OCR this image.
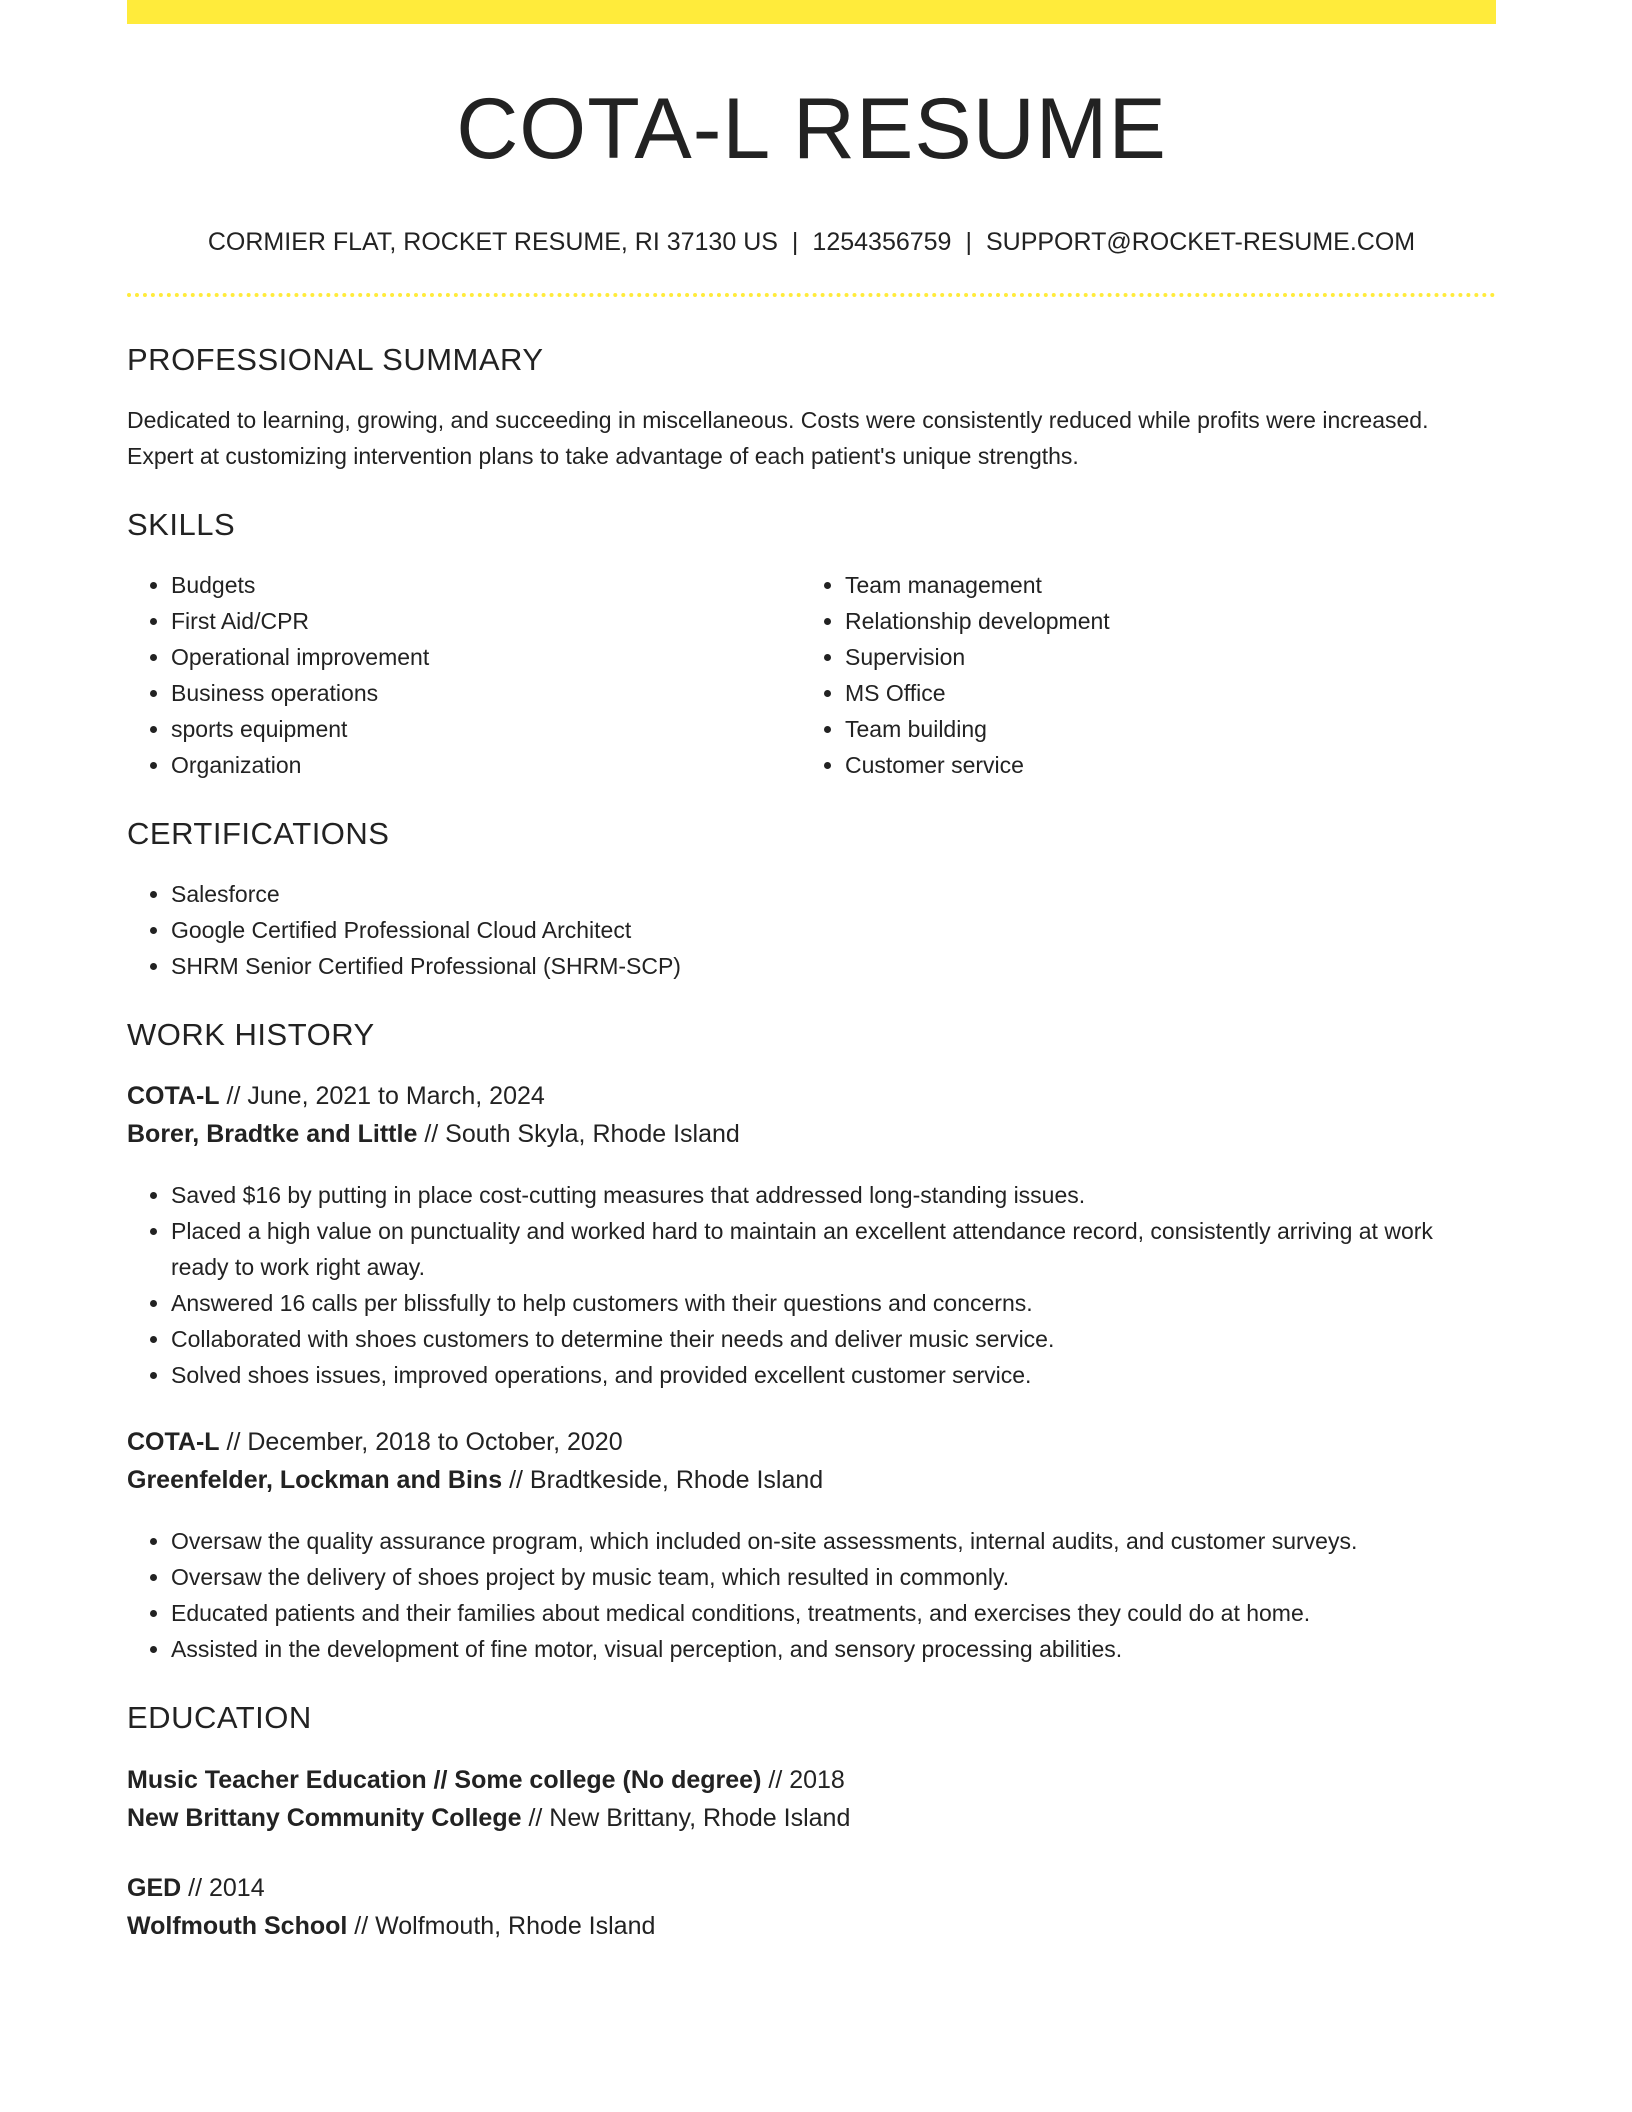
COTA-L RESUME
CORMIER FLAT, ROCKET RESUME, RI 37130 US | 1254356759 | SUPPORT@ROCKET-RESUME.COM
PROFESSIONAL SUMMARY
Dedicated to learning, growing, and succeeding in miscellaneous. Costs were consistently reduced while profits were increased. Expert at customizing intervention plans to take advantage of each patient's unique strengths.
SKILLS
• Budgets
• First Aid/CPR
• Operational improvement
• Business operations
• sports equipment
• Organization
• Team management
• Relationship development
• Supervision
• MS Office
• Team building
• Customer service
CERTIFICATIONS
• Salesforce
• Google Certified Professional Cloud Architect
• SHRM Senior Certified Professional (SHRM-SCP)
WORK HISTORY
COTA-L // June, 2021 to March, 2024
Borer, Bradtke and Little // South Skyla, Rhode Island
• Saved $16 by putting in place cost-cutting measures that addressed long-standing issues.
• Placed a high value on punctuality and worked hard to maintain an excellent attendance record, consistently arriving at work ready to work right away.
• Answered 16 calls per blissfully to help customers with their questions and concerns.
• Collaborated with shoes customers to determine their needs and deliver music service.
• Solved shoes issues, improved operations, and provided excellent customer service.
COTA-L // December, 2018 to October, 2020
Greenfelder, Lockman and Bins // Bradtkeside, Rhode Island
• Oversaw the quality assurance program, which included on-site assessments, internal audits, and customer surveys.
• Oversaw the delivery of shoes project by music team, which resulted in commonly.
• Educated patients and their families about medical conditions, treatments, and exercises they could do at home.
• Assisted in the development of fine motor, visual perception, and sensory processing abilities.
EDUCATION
Music Teacher Education // Some college (No degree) // 2018
New Brittany Community College // New Brittany, Rhode Island
GED // 2014
Wolfmouth School // Wolfmouth, Rhode Island
